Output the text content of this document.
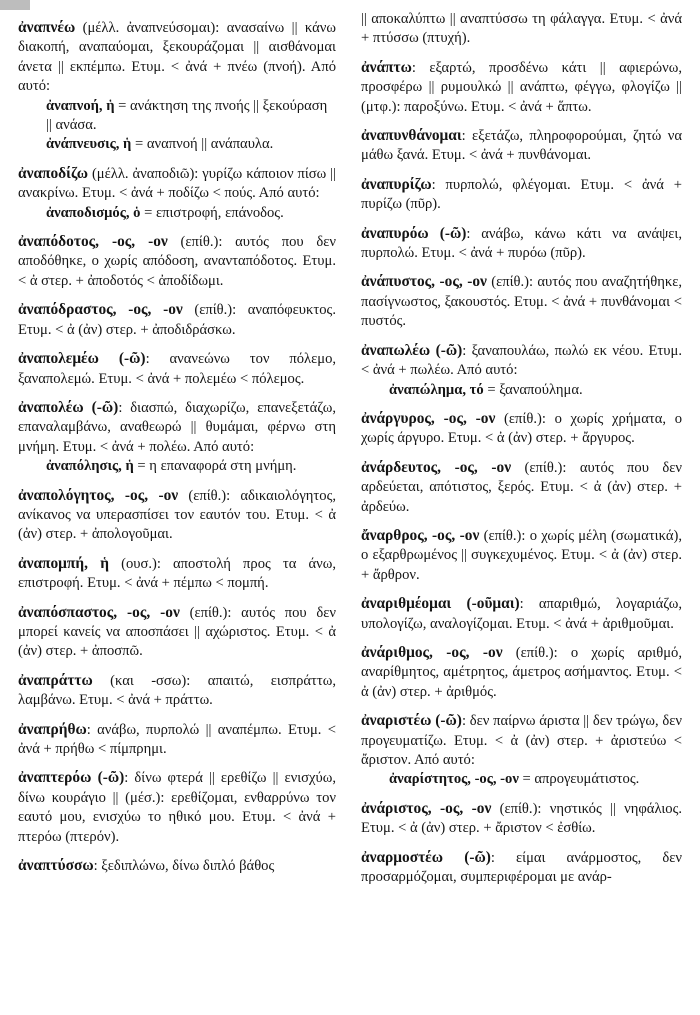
ἀναπνέω (μέλλ. ἀναπνεύσομαι): ανασαίνω || κάνω διακοπή, αναπαύομαι, ξεκουράζομαι || αισθάνομαι άνετα || εκπέμπω. Ετυμ. < ἀνά + πνέω (πνοή). Από αυτό:
ἀναπνοή, ἡ = ανάκτηση της πνοής || ξεκούραση || ανάσα.
ἀνάπνευσις, ἡ = αναπνοή || ανάπαυλα.
ἀναποδίζω (μέλλ. ἀναποδιῶ): γυρίζω κάποιον πίσω || ανακρίνω. Ετυμ. < ἀνά + ποδίζω < πούς. Από αυτό:
ἀναποδισμός, ὁ = επιστροφή, επάνοδος.
ἀναπόδοτος, -ος, -ον (επίθ.): αυτός που δεν αποδόθηκε, ο χωρίς απόδοση, ανανταπόδοτος. Ετυμ. < ἀ στερ. + ἀποδοτός < ἀποδίδωμι.
ἀναπόδραστος, -ος, -ον (επίθ.): αναπόφευκτος. Ετυμ. < ἀ (ἀν) στερ. + ἀποδιδράσκω.
ἀναπολεμέω (-ῶ): ανανεώνω τον πόλεμο, ξαναπολεμώ. Ετυμ. < ἀνά + πολεμέω < πόλεμος.
ἀναπολέω (-ῶ): διασπώ, διαχωρίζω, επανεξετάζω, επαναλαμβάνω, αναθεωρώ || θυμάμαι, φέρνω στη μνήμη. Ετυμ. < ἀνά + πολέω. Από αυτό:
ἀναπόλησις, ἡ = η επαναφορά στη μνήμη.
ἀναπολόγητος, -ος, -ον (επίθ.): αδικαιολόγητος, ανίκανος να υπερασπίσει τον εαυτόν του. Ετυμ. < ἀ (ἀν) στερ. + ἀπολογοῦμαι.
ἀναπομπή, ἡ (ουσ.): αποστολή προς τα άνω, επιστροφή. Ετυμ. < ἀνά + πέμπω < πομπή.
ἀναπόσπαστος, -ος, -ον (επίθ.): αυτός που δεν μπορεί κανείς να αποσπάσει || αχώριστος. Ετυμ. < ἀ (ἀν) στερ. + ἀποσπῶ.
ἀναπράττω (και -σσω): απαιτώ, εισπράττω, λαμβάνω. Ετυμ. < ἀνά + πράττω.
ἀναπρήθω: ανάβω, πυρπολώ || αναπέμπω. Ετυμ. < ἀνά + πρήθω < πίμπρημι.
ἀναπτερόω (-ῶ): δίνω φτερά || ερεθίζω || ενισχύω, δίνω κουράγιο || (μέσ.): ερεθίζομαι, ενθαρρύνω τον εαυτό μου, ενισχύω το ηθικό μου. Ετυμ. < ἀνά + πτερόω (πτερόν).
ἀναπτύσσω: ξεδιπλώνω, δίνω διπλό βάθος
|| αποκαλύπτω || αναπτύσσω τη φάλαγγα. Ετυμ. < ἀνά + πτύσσω (πτυχή).
ἀνάπτω: εξαρτώ, προσδένω κάτι || αφιερώνω, προσφέρω || ρυμουλκώ || ανάπτω, φέγγω, φλογίζω || (μτφ.): παροξύνω. Ετυμ. < ἀνά + ἅπτω.
ἀναπυνθάνομαι: εξετάζω, πληροφορούμαι, ζητώ να μάθω ξανά. Ετυμ. < ἀνά + πυνθάνομαι.
ἀναπυρίζω: πυρπολώ, φλέγομαι. Ετυμ. < ἀνά + πυρίζω (πῦρ).
ἀναπυρόω (-ῶ): ανάβω, κάνω κάτι να ανάψει, πυρπολώ. Ετυμ. < ἀνά + πυρόω (πῦρ).
ἀνάπυστος, -ος, -ον (επίθ.): αυτός που αναζητήθηκε, πασίγνωστος, ξακουστός. Ετυμ. < ἀνά + πυνθάνομαι < πυστός.
ἀναπωλέω (-ῶ): ξαναπουλάω, πωλώ εκ νέου. Ετυμ. < ἀνά + πωλέω. Από αυτό:
ἀναπώλημα, τό = ξαναπούλημα.
ἀνάργυρος, -ος, -ον (επίθ.): ο χωρίς χρήματα, ο χωρίς άργυρο. Ετυμ. < ἀ (ἀν) στερ. + ἄργυρος.
ἀνάρδευτος, -ος, -ον (επίθ.): αυτός που δεν αρδεύεται, απότιστος, ξερός. Ετυμ. < ἀ (ἀν) στερ. + ἀρδεύω.
ἄναρθρος, -ος, -ον (επίθ.): ο χωρίς μέλη (σωματικά), ο εξαρθρωμένος || συγκεχυμένος. Ετυμ. < ἀ (ἀν) στερ. + ἄρθρον.
ἀναριθμέομαι (-οῦμαι): απαριθμώ, λογαριάζω, υπολογίζω, αναλογίζομαι. Ετυμ. < ἀνά + ἀριθμοῦμαι.
ἀνάριθμος, -ος, -ον (επίθ.): ο χωρίς αριθμό, αναρίθμητος, αμέτρητος, άμετρος ασήμαντος. Ετυμ. < ἀ (ἀν) στερ. + ἀριθμός.
ἀναριστέω (-ῶ): δεν παίρνω άριστα || δεν τρώγω, δεν προγευματίζω. Ετυμ. < ἀ (ἀν) στερ. + ἀριστεύω < ἄριστον. Από αυτό:
ἀναρίστητος, -ος, -ον = απρογευμάτιστος.
ἀνάριστος, -ος, -ον (επίθ.): νηστικός || νηφάλιος. Ετυμ. < ἀ (ἀν) στερ. + ἄριστον < ἐσθίω.
ἀναρμοστέω (-ῶ): είμαι ανάρμοστος, δεν προσαρμόζομαι, συμπεριφέρομαι με ανάρ-
